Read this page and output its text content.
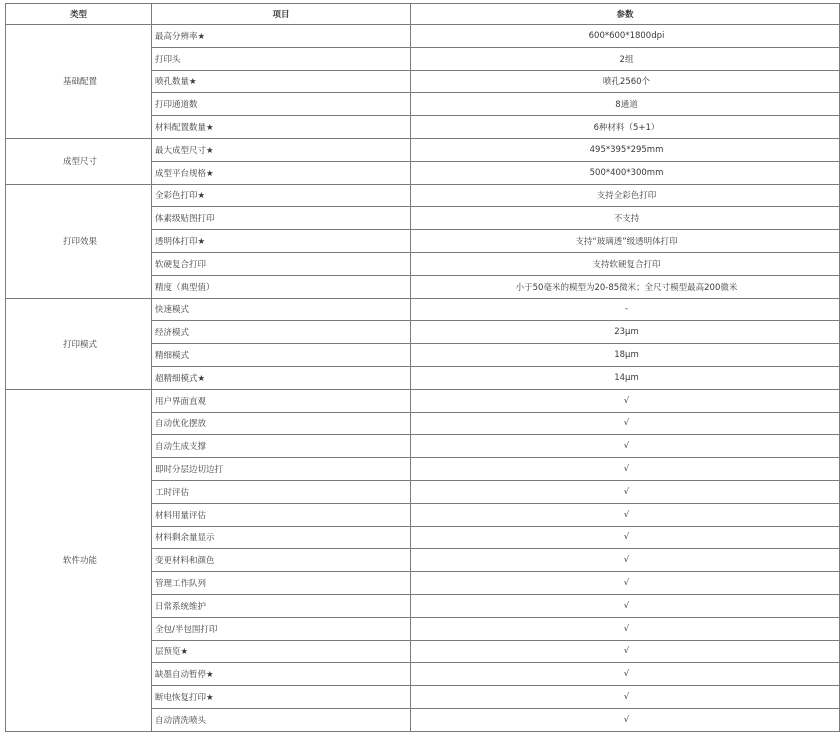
类型	项目	参数
基础配置	最高分辨率★	600*600*1800dpi
	打印头	2组
	喷孔数量★	喷孔2560个
	打印通道数	8通道
	材料配置数量★	6种材料（5+1）
成型尺寸	最大成型尺寸★	495*395*295mm
	成型平台规格★	500*400*300mm
打印效果	全彩色打印★	支持全彩色打印
	体素级贴图打印	不支持
	透明体打印★	支持“玻璃透”级透明体打印
	软硬复合打印	支持软硬复合打印
	精度（典型值）	小于50毫米的模型为20-85微米；全尺寸模型最高200微米
打印模式	快速模式	-
	经济模式	23μm
	精细模式	18μm
	超精细模式★	14μm
软件功能	用户界面直观	√
	自动优化摆放	√
	自动生成支撑	√
	即时分层边切边打	√
	工时评估	√
	材料用量评估	√
	材料剩余量显示	√
	变更材料和颜色	√
	管理工作队列	√
	日常系统维护	√
	全包/半包围打印	√
	层预览★	√
	缺墨自动暂停★	√
	断电恢复打印★	√
	自动清洗喷头	√
